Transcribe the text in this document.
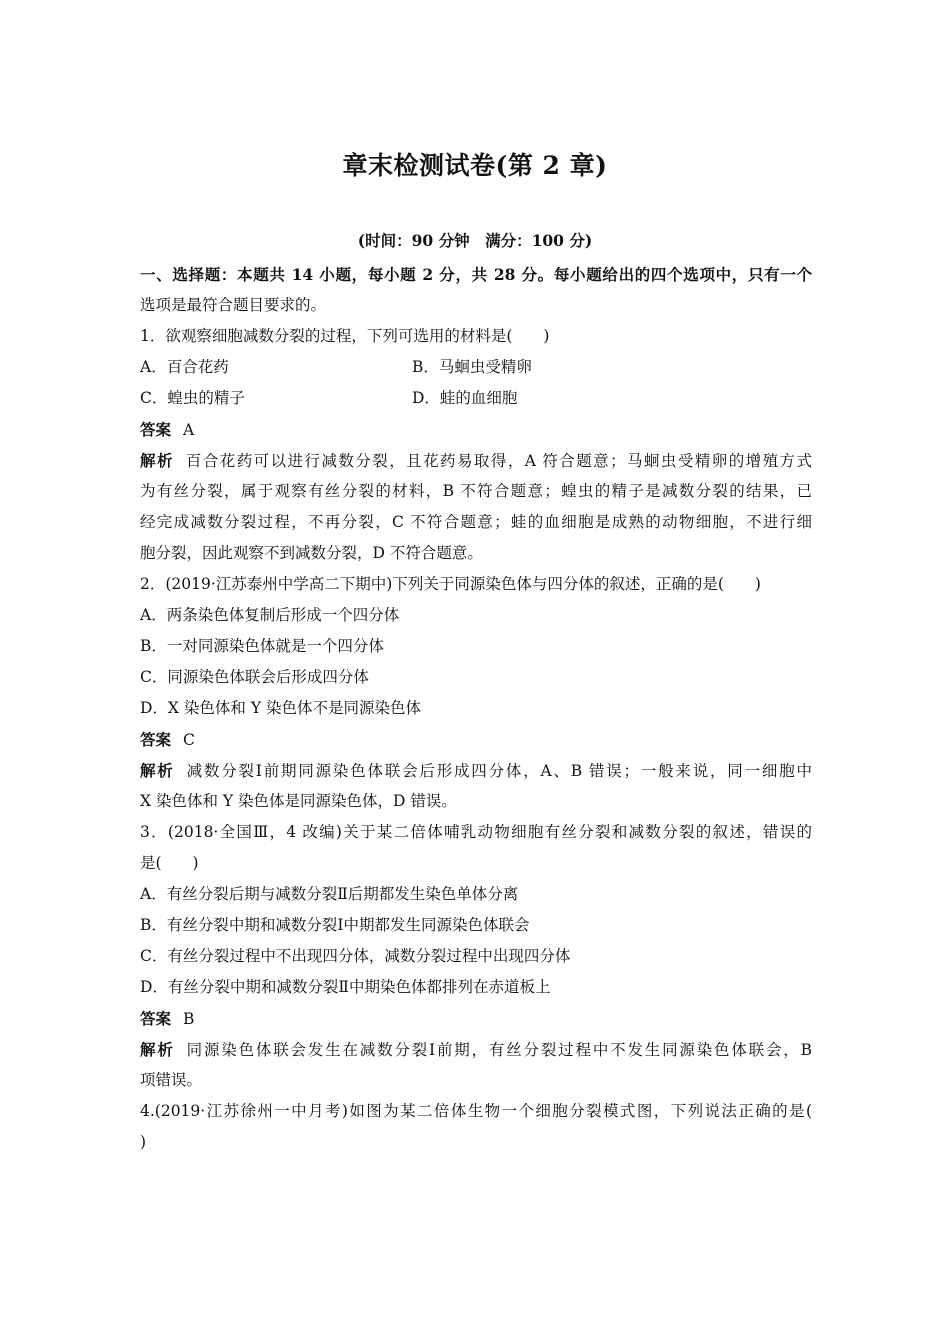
章末检测试卷(第 2 章)
(时间：90 分钟　满分：100 分)
一、选择题：本题共 14 小题，每小题 2 分，共 28 分。每小题给出的四个选项中，只有一个
选项是最符合题目要求的。
1．欲观察细胞减数分裂的过程，下列可选用的材料是(　　)
A．百合花药	B．马蛔虫受精卵
C．蝗虫的精子	D．蛙的血细胞
答案 A
解析 百合花药可以进行减数分裂，且花药易取得，A 符合题意；马蛔虫受精卵的增殖方式
为有丝分裂，属于观察有丝分裂的材料，B 不符合题意；蝗虫的精子是减数分裂的结果，已
经完成减数分裂过程，不再分裂，C 不符合题意；蛙的血细胞是成熟的动物细胞，不进行细
胞分裂，因此观察不到减数分裂，D 不符合题意。
2．(2019·江苏泰州中学高二下期中)下列关于同源染色体与四分体的叙述，正确的是(　　)
A．两条染色体复制后形成一个四分体
B．一对同源染色体就是一个四分体
C．同源染色体联会后形成四分体
D．X 染色体和 Y 染色体不是同源染色体
答案 C
解析 减数分裂Ⅰ前期同源染色体联会后形成四分体，A、B 错误；一般来说，同一细胞中
X 染色体和 Y 染色体是同源染色体，D 错误。
3．(2018·全国Ⅲ，4 改编)关于某二倍体哺乳动物细胞有丝分裂和减数分裂的叙述，错误的
是(　　)
A．有丝分裂后期与减数分裂Ⅱ后期都发生染色单体分离
B．有丝分裂中期和减数分裂Ⅰ中期都发生同源染色体联会
C．有丝分裂过程中不出现四分体，减数分裂过程中出现四分体
D．有丝分裂中期和减数分裂Ⅱ中期染色体都排列在赤道板上
答案 B
解析 同源染色体联会发生在减数分裂Ⅰ前期，有丝分裂过程中不发生同源染色体联会，B
项错误。
4.(2019·江苏徐州一中月考)如图为某二倍体生物一个细胞分裂模式图，下列说法正确的是(
)
